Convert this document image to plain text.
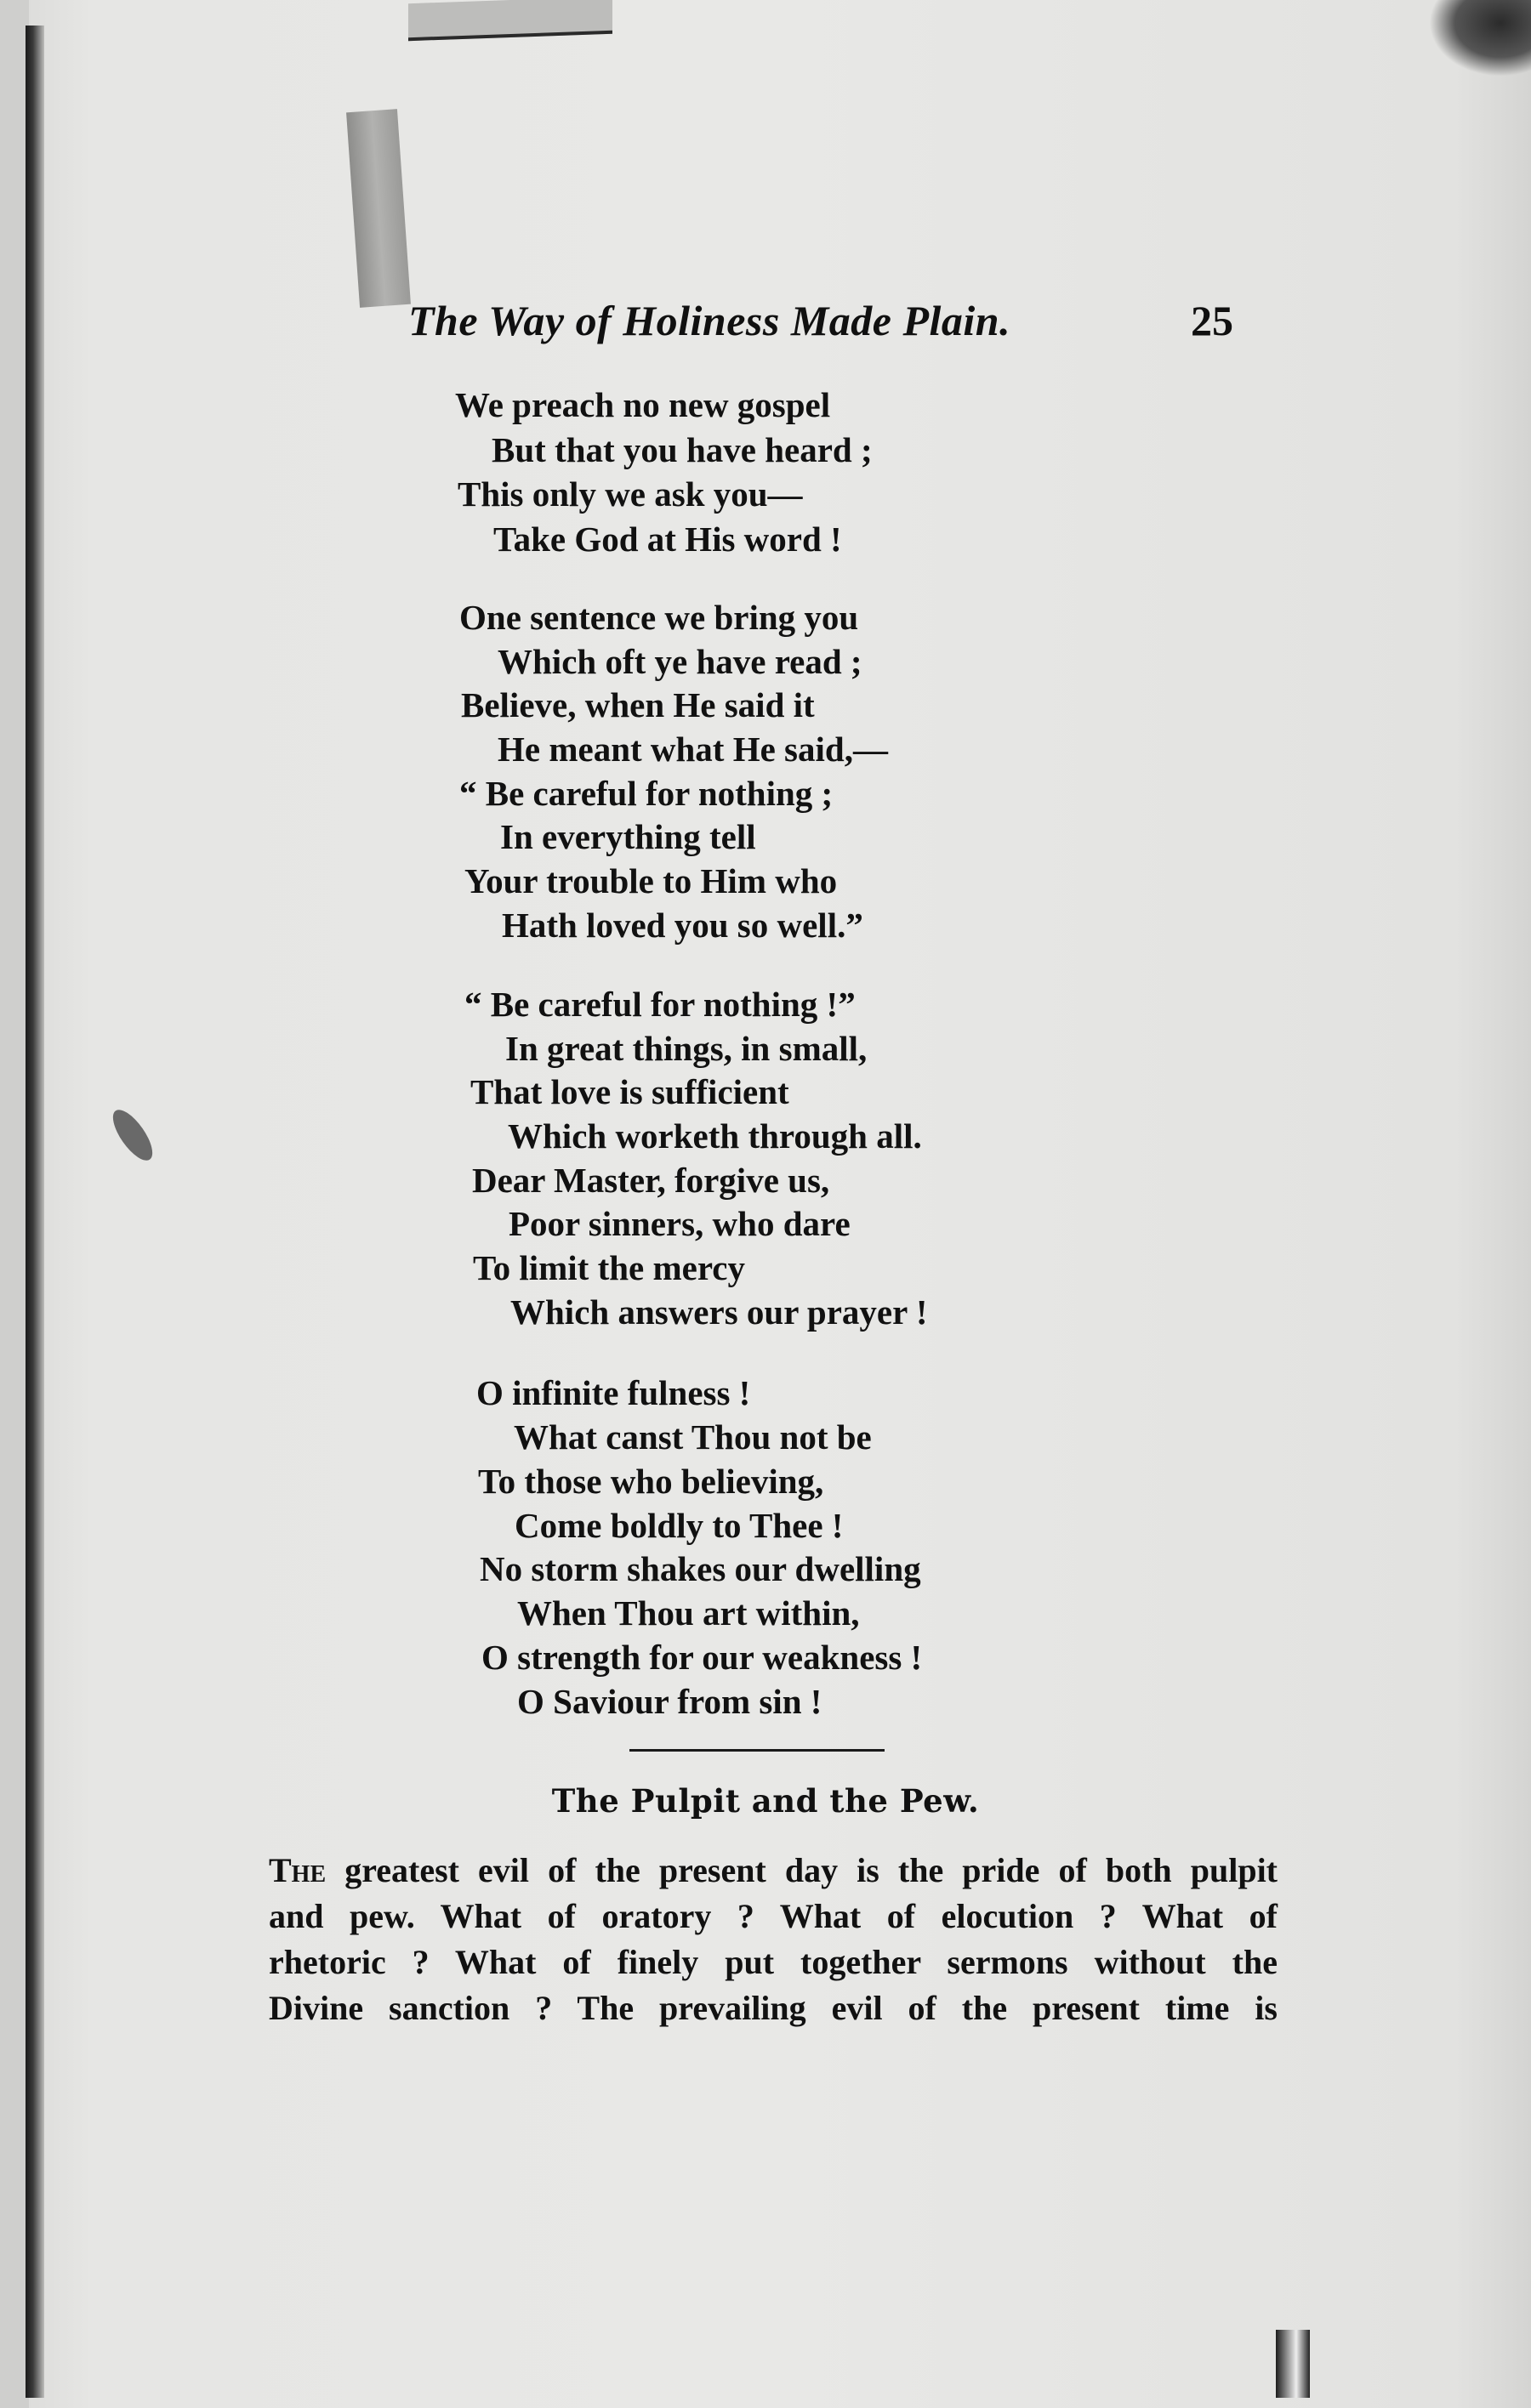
The Way of Holiness Made Plain.	25
We preach no new gospel
But that you have heard ;
This only we ask you—
Take God at His word !
One sentence we bring you
Which oft ye have read ;
Believe, when He said it
He meant what He said,—
“ Be careful for nothing ;
In everything tell
Your trouble to Him who
Hath loved you so well.”
“ Be careful for nothing !”
In great things, in small,
That love is sufficient
Which worketh through all.
Dear Master, forgive us,
Poor sinners, who dare
To limit the mercy
Which answers our prayer !
O infinite fulness !
What canst Thou not be
To those who believing,
Come boldly to Thee !
No storm shakes our dwelling
When Thou art within,
O strength for our weakness !
O Saviour from sin !
The Pulpit and the Pew.
The greatest evil of the present day is the pride of both pulpit
and pew. What of oratory ? What of elocution ? What of
rhetoric ? What of finely put together sermons without the
Divine sanction ? The prevailing evil of the present time is
